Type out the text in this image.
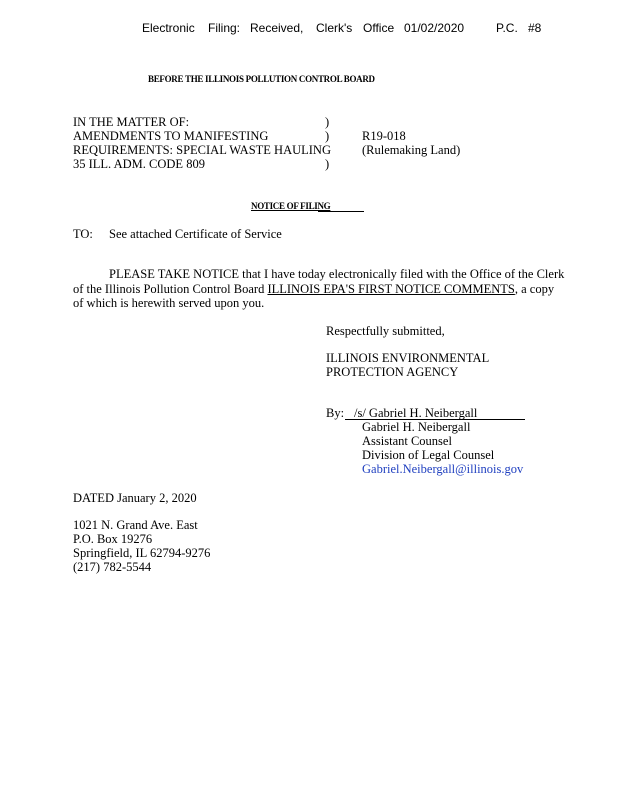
Electronic Filing: Received, Clerk's Office 01/02/2020	P.C. #8
BEFORE THE ILLINOIS POLLUTION CONTROL BOARD
IN THE MATTER OF:
AMENDMENTS TO MANIFESTING
REQUIREMENTS: SPECIAL WASTE HAULING
35 ILL. ADM. CODE 809
)
)
)
R19-018
(Rulemaking Land)
NOTICE OF FILING
TO: See attached Certificate of Service
PLEASE TAKE NOTICE that I have today electronically filed with the Office of the Clerk
of the Illinois Pollution Control Board ILLINOIS EPA'S FIRST NOTICE COMMENTS, a copy
of which is herewith served upon you.
Respectfully submitted,
ILLINOIS ENVIRONMENTAL
PROTECTION AGENCY
By: /s/ Gabriel H. Neibergall
Gabriel H. Neibergall
Assistant Counsel
Division of Legal Counsel
Gabriel.Neibergall@illinois.gov
DATED January 2, 2020
1021 N. Grand Ave. East
P.O. Box 19276
Springfield, IL 62794-9276
(217) 782-5544
